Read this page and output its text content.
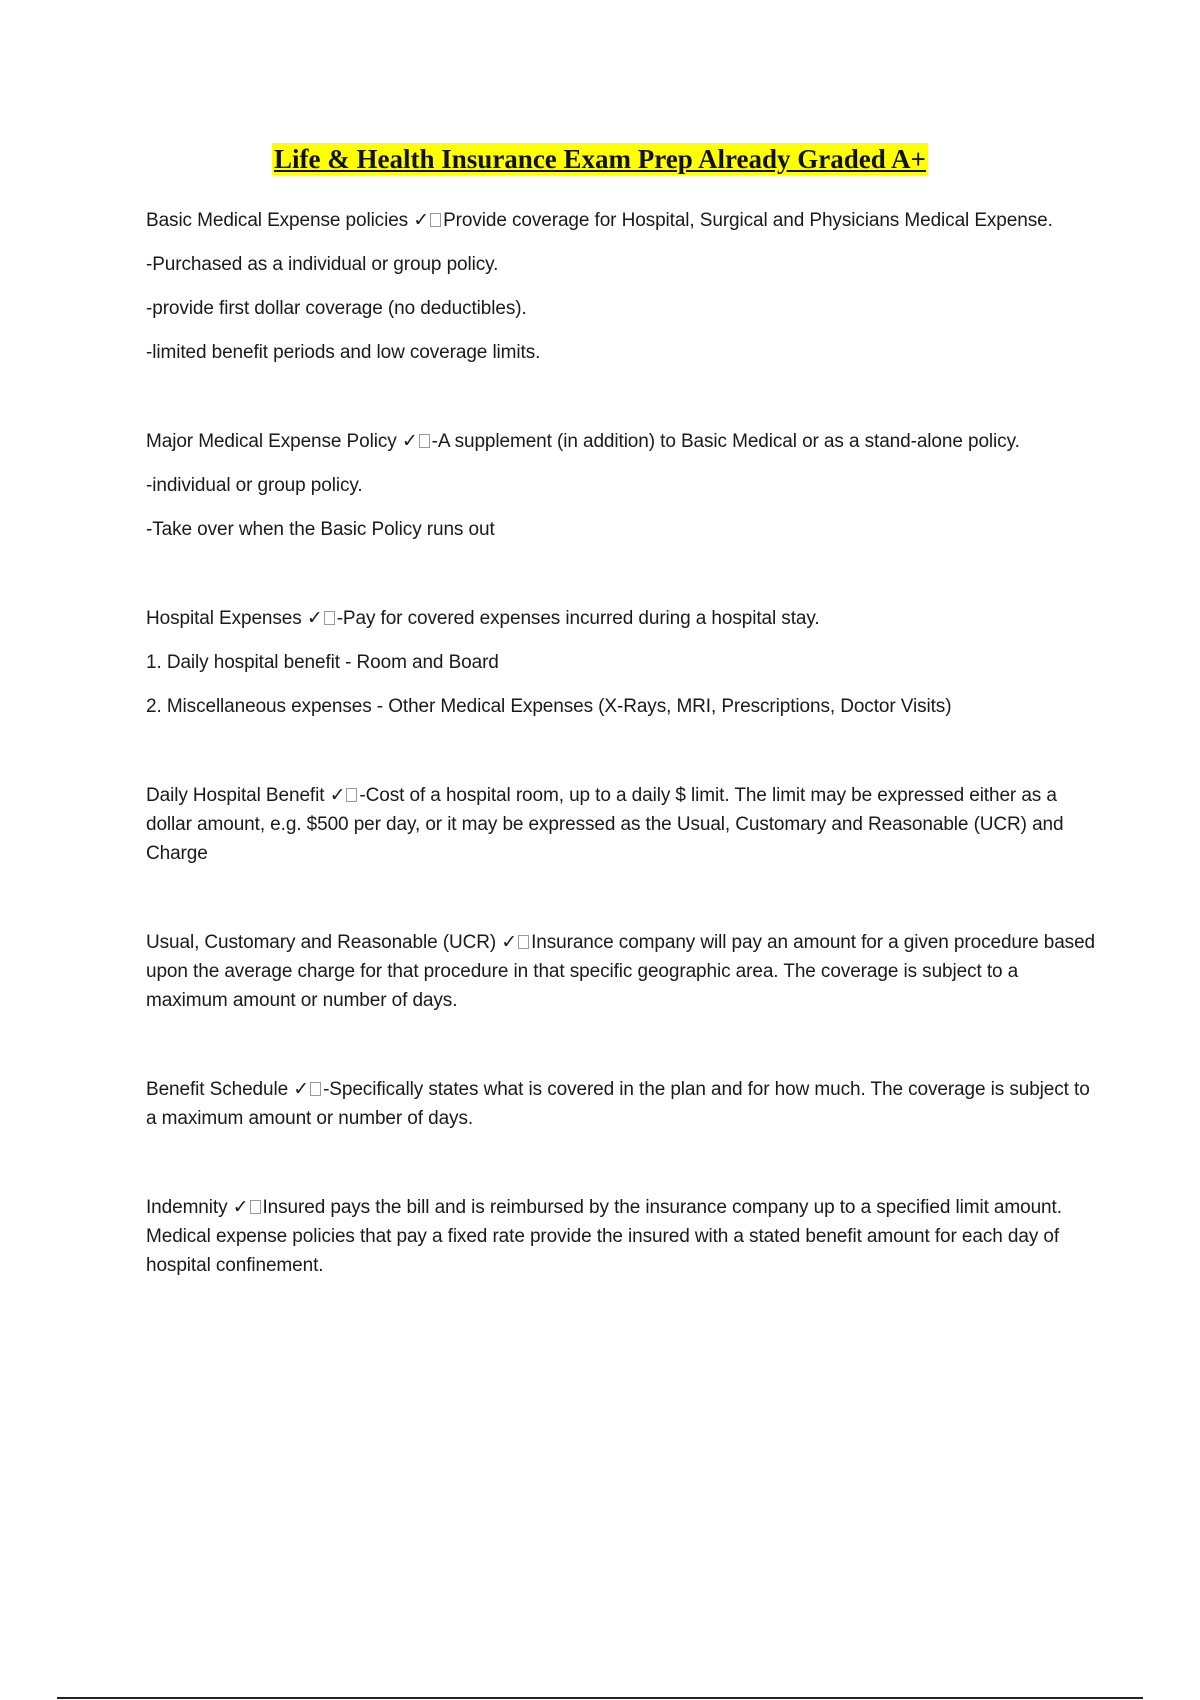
Life & Health Insurance Exam Prep Already Graded A+

Basic Medical Expense policies ✓ Provide coverage for Hospital, Surgical and Physicians Medical Expense.

-Purchased as a individual or group policy.

-provide first dollar coverage (no deductibles).

-limited benefit periods and low coverage limits.

Major Medical Expense Policy ✓ -A supplement (in addition) to Basic Medical or as a stand-alone policy.

-individual or group policy.

-Take over when the Basic Policy runs out

Hospital Expenses ✓ -Pay for covered expenses incurred during a hospital stay.

1. Daily hospital benefit - Room and Board

2. Miscellaneous expenses - Other Medical Expenses (X-Rays, MRI, Prescriptions, Doctor Visits)

Daily Hospital Benefit ✓ -Cost of a hospital room, up to a daily $ limit. The limit may be expressed either as a dollar amount, e.g. $500 per day, or it may be expressed as the Usual, Customary and Reasonable (UCR) and Charge

Usual, Customary and Reasonable (UCR) ✓ Insurance company will pay an amount for a given procedure based upon the average charge for that procedure in that specific geographic area. The coverage is subject to a maximum amount or number of days.

Benefit Schedule ✓ -Specifically states what is covered in the plan and for how much. The coverage is subject to a maximum amount or number of days.

Indemnity ✓ Insured pays the bill and is reimbursed by the insurance company up to a specified limit amount. Medical expense policies that pay a fixed rate provide the insured with a stated benefit amount for each day of hospital confinement.
